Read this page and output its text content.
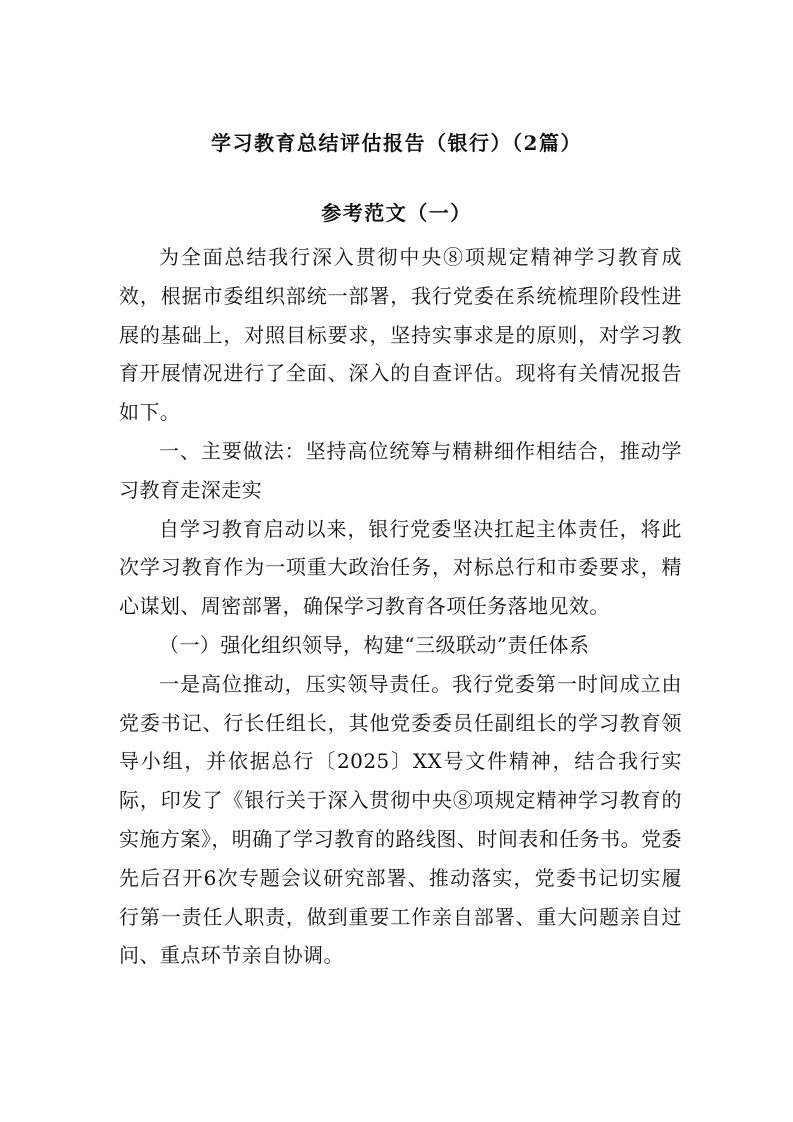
学习教育总结评估报告（银行）（2篇）
参考范文（一）

为全面总结我行深入贯彻中央⑧项规定精神学习教育成效，根据市委组织部统一部署，我行党委在系统梳理阶段性进展的基础上，对照目标要求，坚持实事求是的原则，对学习教育开展情况进行了全面、深入的自查评估。现将有关情况报告如下。

一、主要做法：坚持高位统筹与精耕细作相结合，推动学习教育走深走实

自学习教育启动以来，银行党委坚决扛起主体责任，将此次学习教育作为一项重大政治任务，对标总行和市委要求，精心谋划、周密部署，确保学习教育各项任务落地见效。

（一）强化组织领导，构建“三级联动”责任体系

一是高位推动，压实领导责任。我行党委第一时间成立由党委书记、行长任组长，其他党委委员任副组长的学习教育领导小组，并依据总行〔2025〕XX号文件精神，结合我行实际，印发了《银行关于深入贯彻中央⑧项规定精神学习教育的实施方案》，明确了学习教育的路线图、时间表和任务书。党委先后召开6次专题会议研究部署、推动落实，党委书记切实履行第一责任人职责，做到重要工作亲自部署、重大问题亲自过问、重点环节亲自协调。
